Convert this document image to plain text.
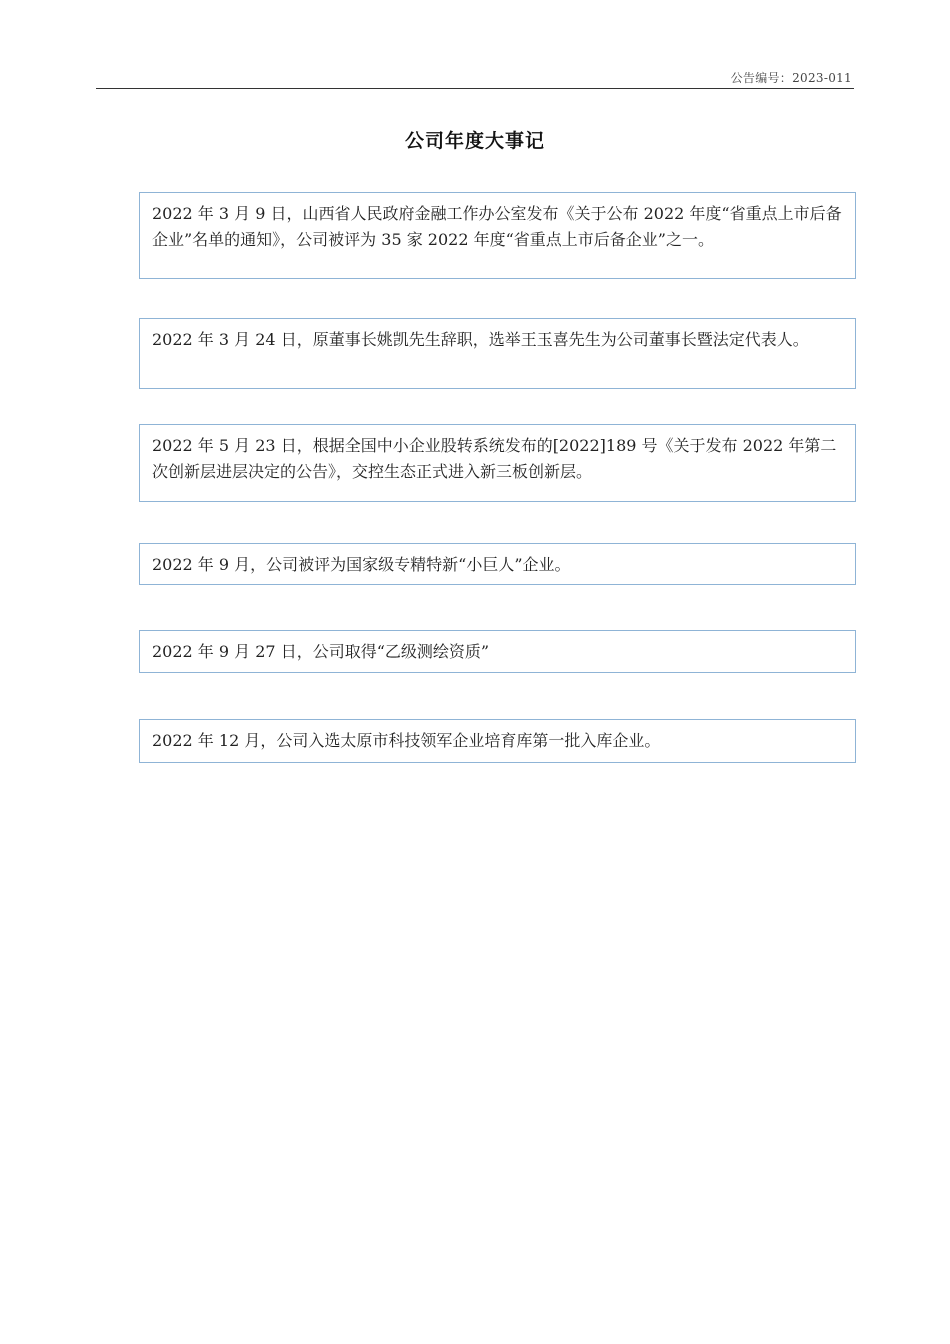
公告编号：2023-011
公司年度大事记
2022 年 3 月 9 日，山西省人民政府金融工作办公室发布《关于公布 2022 年度“省重点上市后备企业”名单的通知》，公司被评为 35 家 2022 年度“省重点上市后备企业”之一。
2022 年 3 月 24 日，原董事长姚凯先生辞职，选举王玉喜先生为公司董事长暨法定代表人。
2022 年 5 月 23 日，根据全国中小企业股转系统发布的[2022]189 号《关于发布 2022 年第二次创新层进层决定的公告》，交控生态正式进入新三板创新层。
2022 年 9 月，公司被评为国家级专精特新“小巨人”企业。
2022 年 9 月 27 日，公司取得“乙级测绘资质”
2022 年 12 月，公司入选太原市科技领军企业培育库第一批入库企业。
